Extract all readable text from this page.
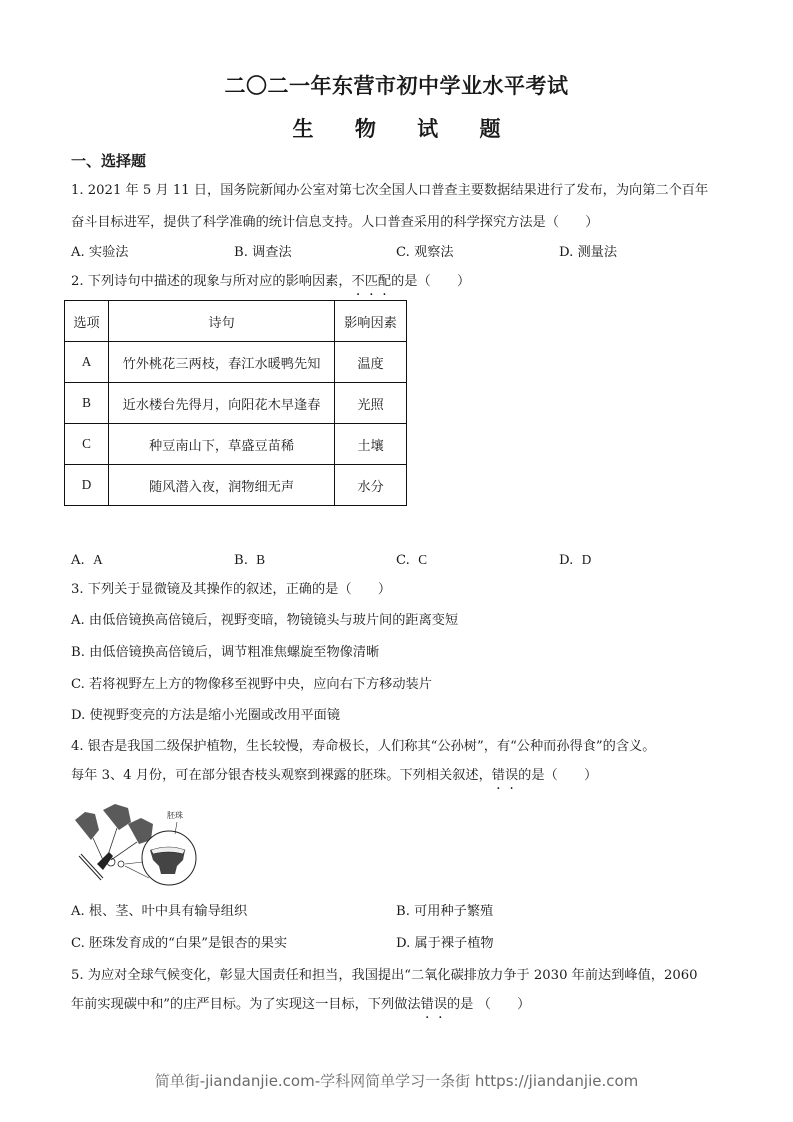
二〇二一年东营市初中学业水平考试
生 物 试 题
一、选择题
1. 2021 年 5 月 11 日，国务院新闻办公室对第七次全国人口普查主要数据结果进行了发布，为向第二个百年
奋斗目标进军，提供了科学准确的统计信息支持。人口普查采用的科学探究方法是（　　）
A. 实验法	B. 调查法	C. 观察法	D. 测量法
2. 下列诗句中描述的现象与所对应的影响因素，不匹配的是（　　）
选项	诗句	影响因素
A	竹外桃花三两枝，春江水暖鸭先知	温度
B	近水楼台先得月，向阳花木早逢春	光照
C	种豆南山下，草盛豆苗稀	土壤
D	随风潜入夜，润物细无声	水分
A. A	B. B	C. C	D. D
3. 下列关于显微镜及其操作的叙述，正确的是（　　）
A. 由低倍镜换高倍镜后，视野变暗，物镜镜头与玻片间的距离变短
B. 由低倍镜换高倍镜后，调节粗准焦螺旋至物像清晰
C. 若将视野左上方的物像移至视野中央，应向右下方移动装片
D. 使视野变亮的方法是缩小光圈或改用平面镜
4. 银杏是我国二级保护植物，生长较慢，寿命极长，人们称其“公孙树”，有“公种而孙得食”的含义。
每年 3、4 月份，可在部分银杏枝头观察到裸露的胚珠。下列相关叙述，错误的是（　　）
胚珠
A. 根、茎、叶中具有输导组织	B. 可用种子繁殖
C. 胚珠发育成的“白果”是银杏的果实	D. 属于裸子植物
5. 为应对全球气候变化，彰显大国责任和担当，我国提出“二氧化碳排放力争于 2030 年前达到峰值，2060
年前实现碳中和”的庄严目标。为了实现这一目标，下列做法错误的是 （　　）
简单街-jiandanjie.com-学科网简单学习一条街 https://jiandanjie.com
